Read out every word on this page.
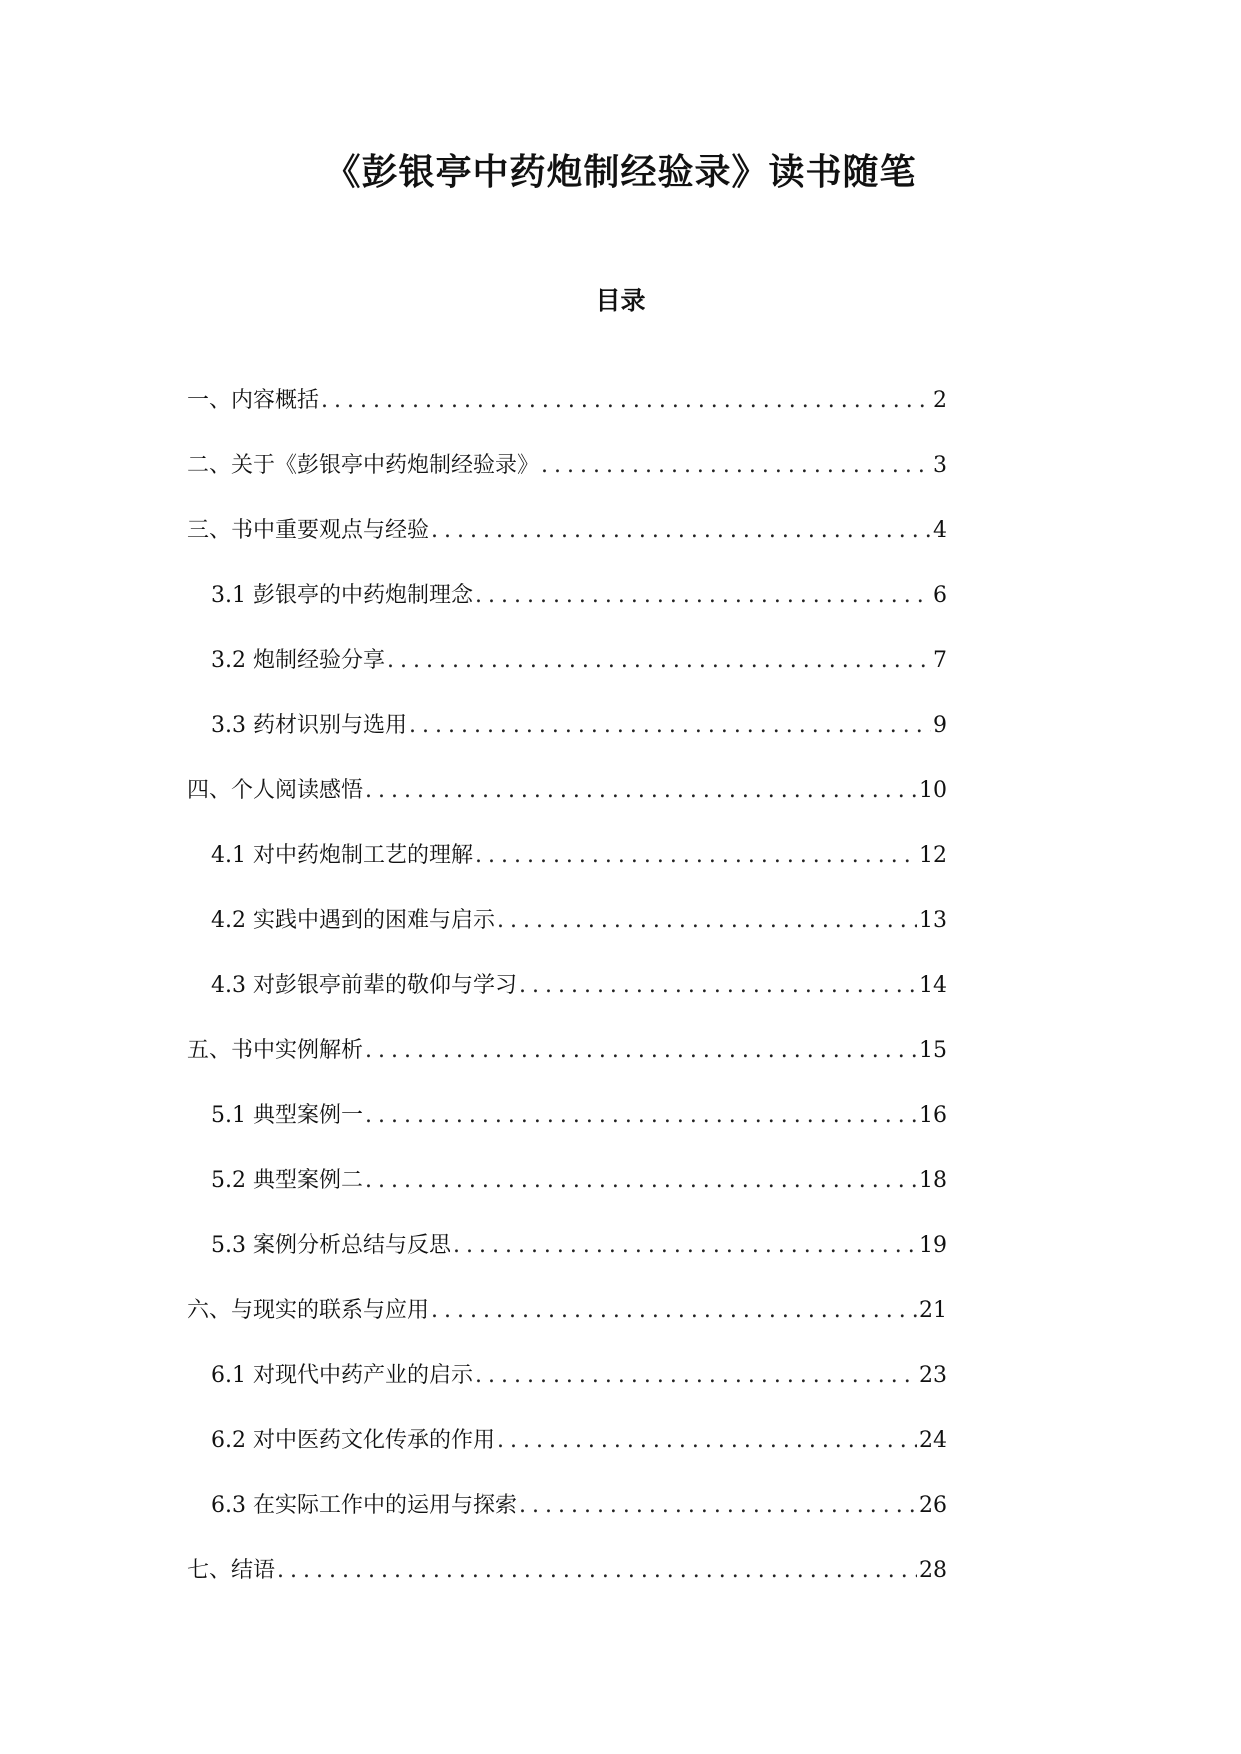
《彭银亭中药炮制经验录》读书随笔
目录
一、内容概括 .....	2
二、关于《彭银亭中药炮制经验录》 .....	3
三、书中重要观点与经验 .....	4
3.1 彭银亭的中药炮制理念 .....	6
3.2 炮制经验分享 .....	7
3.3 药材识别与选用 .....	9
四、个人阅读感悟 .....	10
4.1 对中药炮制工艺的理解 .....	12
4.2 实践中遇到的困难与启示 .....	13
4.3 对彭银亭前辈的敬仰与学习 .....	14
五、书中实例解析 .....	15
5.1 典型案例一 .....	16
5.2 典型案例二 .....	18
5.3 案例分析总结与反思 .....	19
六、与现实的联系与应用 .....	21
6.1 对现代中药产业的启示 .....	23
6.2 对中医药文化传承的作用 .....	24
6.3 在实际工作中的运用与探索 .....	26
七、结语 .....	28
